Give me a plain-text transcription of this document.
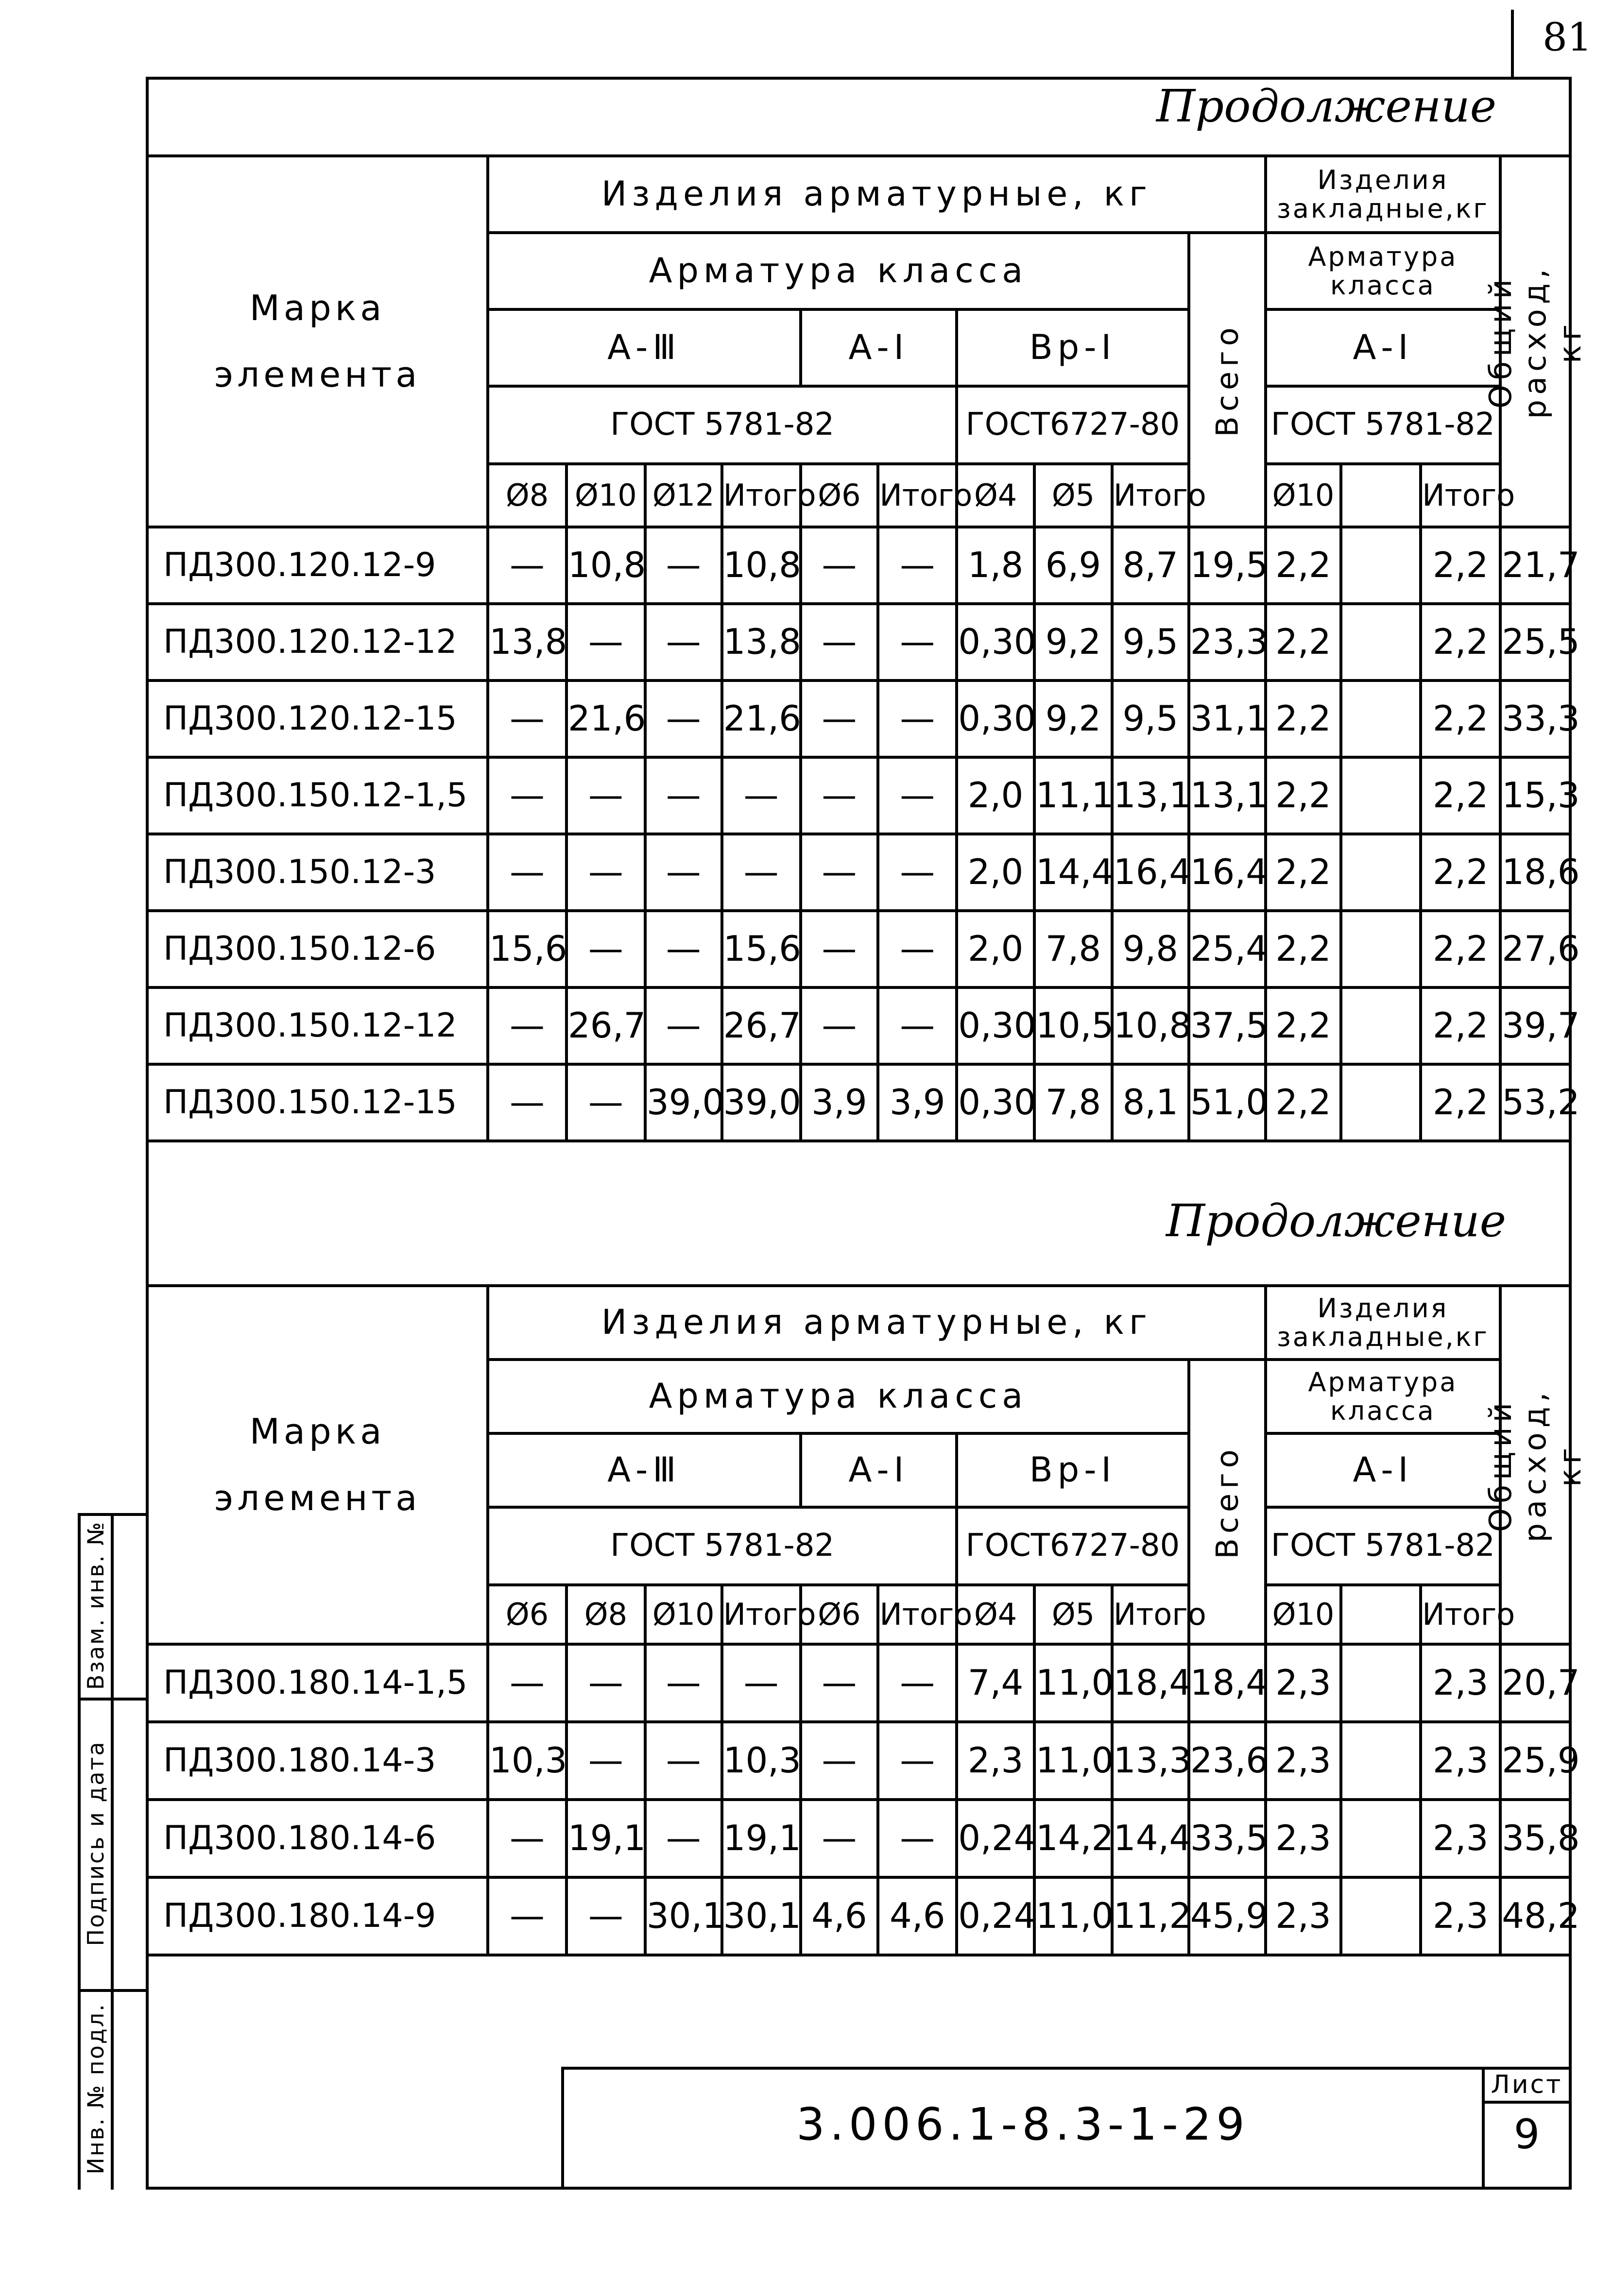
81
Продолжение
Марка элемента	Изделия арматурные, кг										Изделия закладные,кг			Общий расход, кг

	Арматура класса									Всего	Арматура класса			
	А-Ⅲ				А-I		Вр-I				А-I			
	ГОСТ 5781-82						ГОСТ6727-80				ГОСТ 5781-82			
	Ø8	Ø10	Ø12	Итого	Ø6	Итого	Ø4	Ø5	Итого		Ø10		Итого	
ПД300.120.12-9	—	10,8	—	10,8	—	—	1,8	6,9	8,7	19,5	2,2		2,2	21,7
ПД300.120.12-12	13,8	—	—	13,8	—	—	0,30	9,2	9,5	23,3	2,2		2,2	25,5
ПД300.120.12-15	—	21,6	—	21,6	—	—	0,30	9,2	9,5	31,1	2,2		2,2	33,3
ПД300.150.12-1,5	—	—	—	—	—	—	2,0	11,1	13,1	13,1	2,2		2,2	15,3
ПД300.150.12-3	—	—	—	—	—	—	2,0	14,4	16,4	16,4	2,2		2,2	18,6
ПД300.150.12-6	15,6	—	—	15,6	—	—	2,0	7,8	9,8	25,4	2,2		2,2	27,6
ПД300.150.12-12	—	26,7	—	26,7	—	—	0,30	10,5	10,8	37,5	2,2		2,2	39,7
ПД300.150.12-15	—	—	39,0	39,0	3,9	3,9	0,30	7,8	8,1	51,0	2,2		2,2	53,2
Продолжение
Марка элемента	Изделия арматурные, кг										Изделия закладные,кг			Общий расход, кг

	Арматура класса									Всего	Арматура класса			
	А-Ⅲ				А-I		Вр-I				А-I			
	ГОСТ 5781-82						ГОСТ6727-80				ГОСТ 5781-82			
	Ø6	Ø8	Ø10	Итого	Ø6	Итого	Ø4	Ø5	Итого		Ø10		Итого	
ПД300.180.14-1,5	—	—	—	—	—	—	7,4	11,0	18,4	18,4	2,3		2,3	20,7
ПД300.180.14-3	10,3	—	—	10,3	—	—	2,3	11,0	13,3	23,6	2,3		2,3	25,9
ПД300.180.14-6	—	19,1	—	19,1	—	—	0,24	14,2	14,4	33,5	2,3		2,3	35,8
ПД300.180.14-9	—	—	30,1	30,1	4,6	4,6	0,24	11,0	11,2	45,9	2,3		2,3	48,2
Взам. инв. №
Подпись и дата
Инв. № подл.	3.006.1-8.3-1-29
Лист
9
